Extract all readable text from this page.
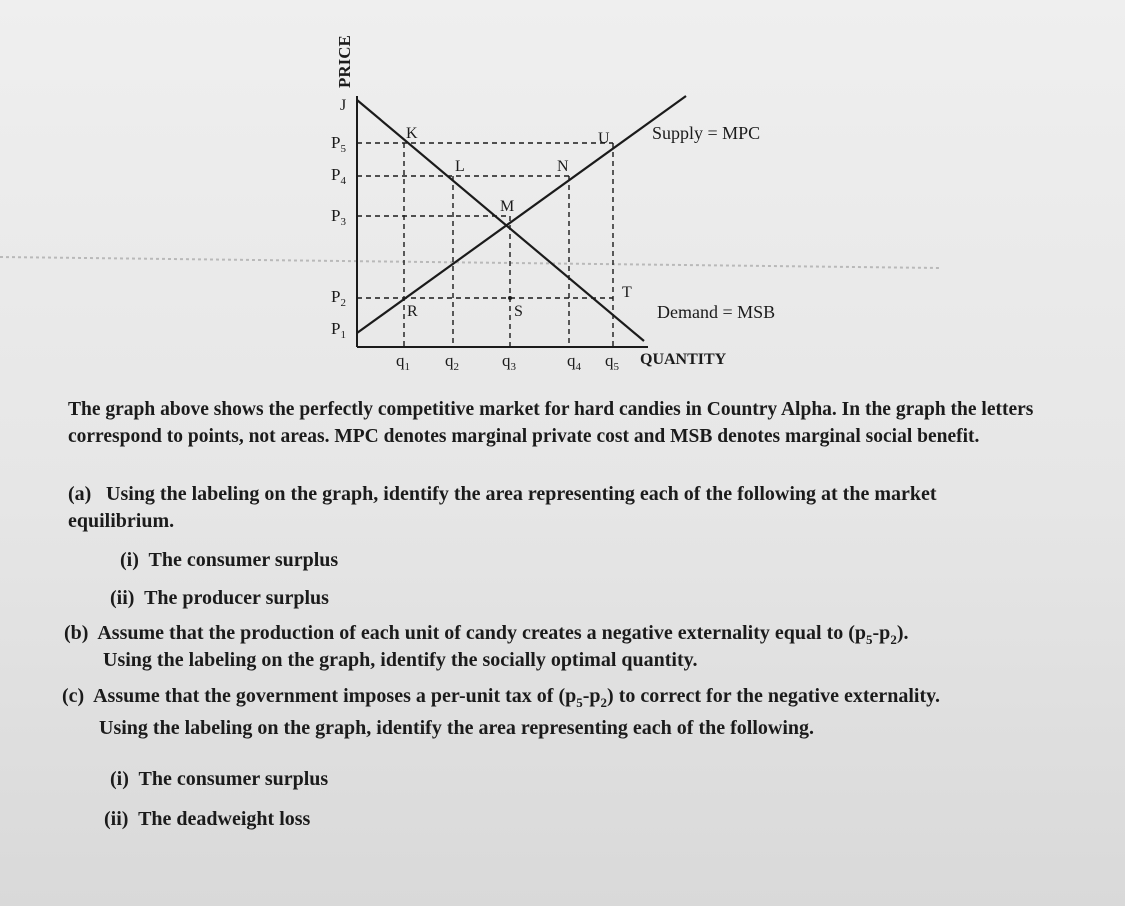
PRICE
QUANTITY
J
$P_5$
$P_4$
$P_3$
$P_2$
$P_1$
$q_1$ $q_2$	$q_3$	$q_4$ $q_5$
K
L
M
N
U
R	S
T
Supply = MPC
Demand = MSB

The graph above shows the perfectly competitive market for hard candies in Country Alpha. In the graph the letters correspond to points, not areas. MPC denotes marginal private cost and MSB denotes marginal social benefit.

(a) Using the labeling on the graph, identify the area representing each of the following at the market equilibrium.

(i) The consumer surplus

(ii) The producer surplus

(b) Assume that the production of each unit of candy creates a negative externality equal to $(p_5-p_2)$.

Using the labeling on the graph, identify the socially optimal quantity.

(c) Assume that the government imposes a per-unit tax of $(p_5-p_2)$ to correct for the negative externality.

Using the labeling on the graph, identify the area representing each of the following.

(i) The consumer surplus

(ii) The deadweight loss
